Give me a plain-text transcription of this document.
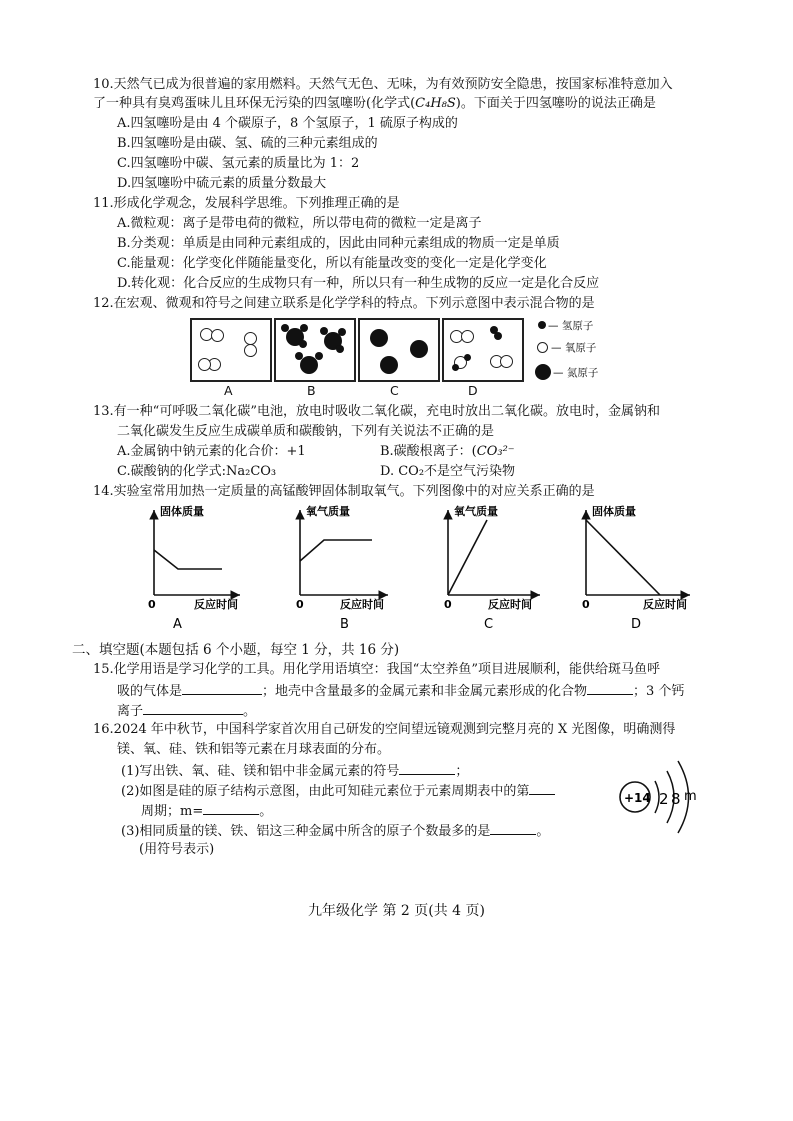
10.天然气已成为很普遍的家用燃料。天然气无色、无味，为有效预防安全隐患，按国家标准特意加入
了一种具有臭鸡蛋味儿且环保无污染的四氢噻吩(化学式(C₄H₈S)。下面关于四氢噻吩的说法正确是
A.四氢噻吩是由 4 个碳原子，8 个氢原子，1 硫原子构成的
B.四氢噻吩是由碳、氢、硫的三种元素组成的
C.四氢噻吩中碳、氢元素的质量比为 1：2
D.四氢噻吩中硫元素的质量分数最大
11.形成化学观念，发展科学思维。下列推理正确的是
A.微粒观：离子是带电荷的微粒，所以带电荷的微粒一定是离子
B.分类观：单质是由同种元素组成的，因此由同种元素组成的物质一定是单质
C.能量观：化学变化伴随能量变化，所以有能量改变的变化一定是化学变化
D.转化观：化合反应的生成物只有一种，所以只有一种生成物的反应一定是化合反应
12.在宏观、微观和符号之间建立联系是化学学科的特点。下列示意图中表示混合物的是
A	B	C	D
— 氢原子
— 氧原子
— 氮原子
13.有一种“可呼吸二氧化碳”电池，放电时吸收二氧化碳，充电时放出二氧化碳。放电时，金属钠和
二氧化碳发生反应生成碳单质和碳酸钠，下列有关说法不正确的是
A.金属钠中钠元素的化合价：+1	B.碳酸根离子：(CO₃²⁻
C.碳酸钠的化学式:Na₂CO₃	D. CO₂不是空气污染物
14.实验室常用加热一定质量的高锰酸钾固体制取氧气。下列图像中的对应关系正确的是
固体质量
0	反应时间
A
氧气质量
0	反应时间
B
氧气质量
0	反应时间
C
固体质量
0	反应时间
D
二、填空题(本题包括 6 个小题，每空 1 分，共 16 分)
15.化学用语是学习化学的工具。用化学用语填空：我国“太空养鱼”项目进展顺利，能供给斑马鱼呼
吸的气体是	；地壳中含量最多的金属元素和非金属元素形成的化合物	；3 个钙
离子	。
16.2024 年中秋节，中国科学家首次用自己研发的空间望远镜观测到完整月亮的 X 光图像，明确测得
镁、氧、硅、铁和铝等元素在月球表面的分布。
(1)写出铁、氧、硅、镁和铝中非金属元素的符号	；
(2)如图是硅的原子结构示意图，由此可知硅元素位于元素周期表中的第
周期；m=	。
(3)相同质量的镁、铁、铝这三种金属中所含的原子个数最多的是	。
(用符号表示)
+14 2 8 m
九年级化学 第 2 页(共 4 页)
